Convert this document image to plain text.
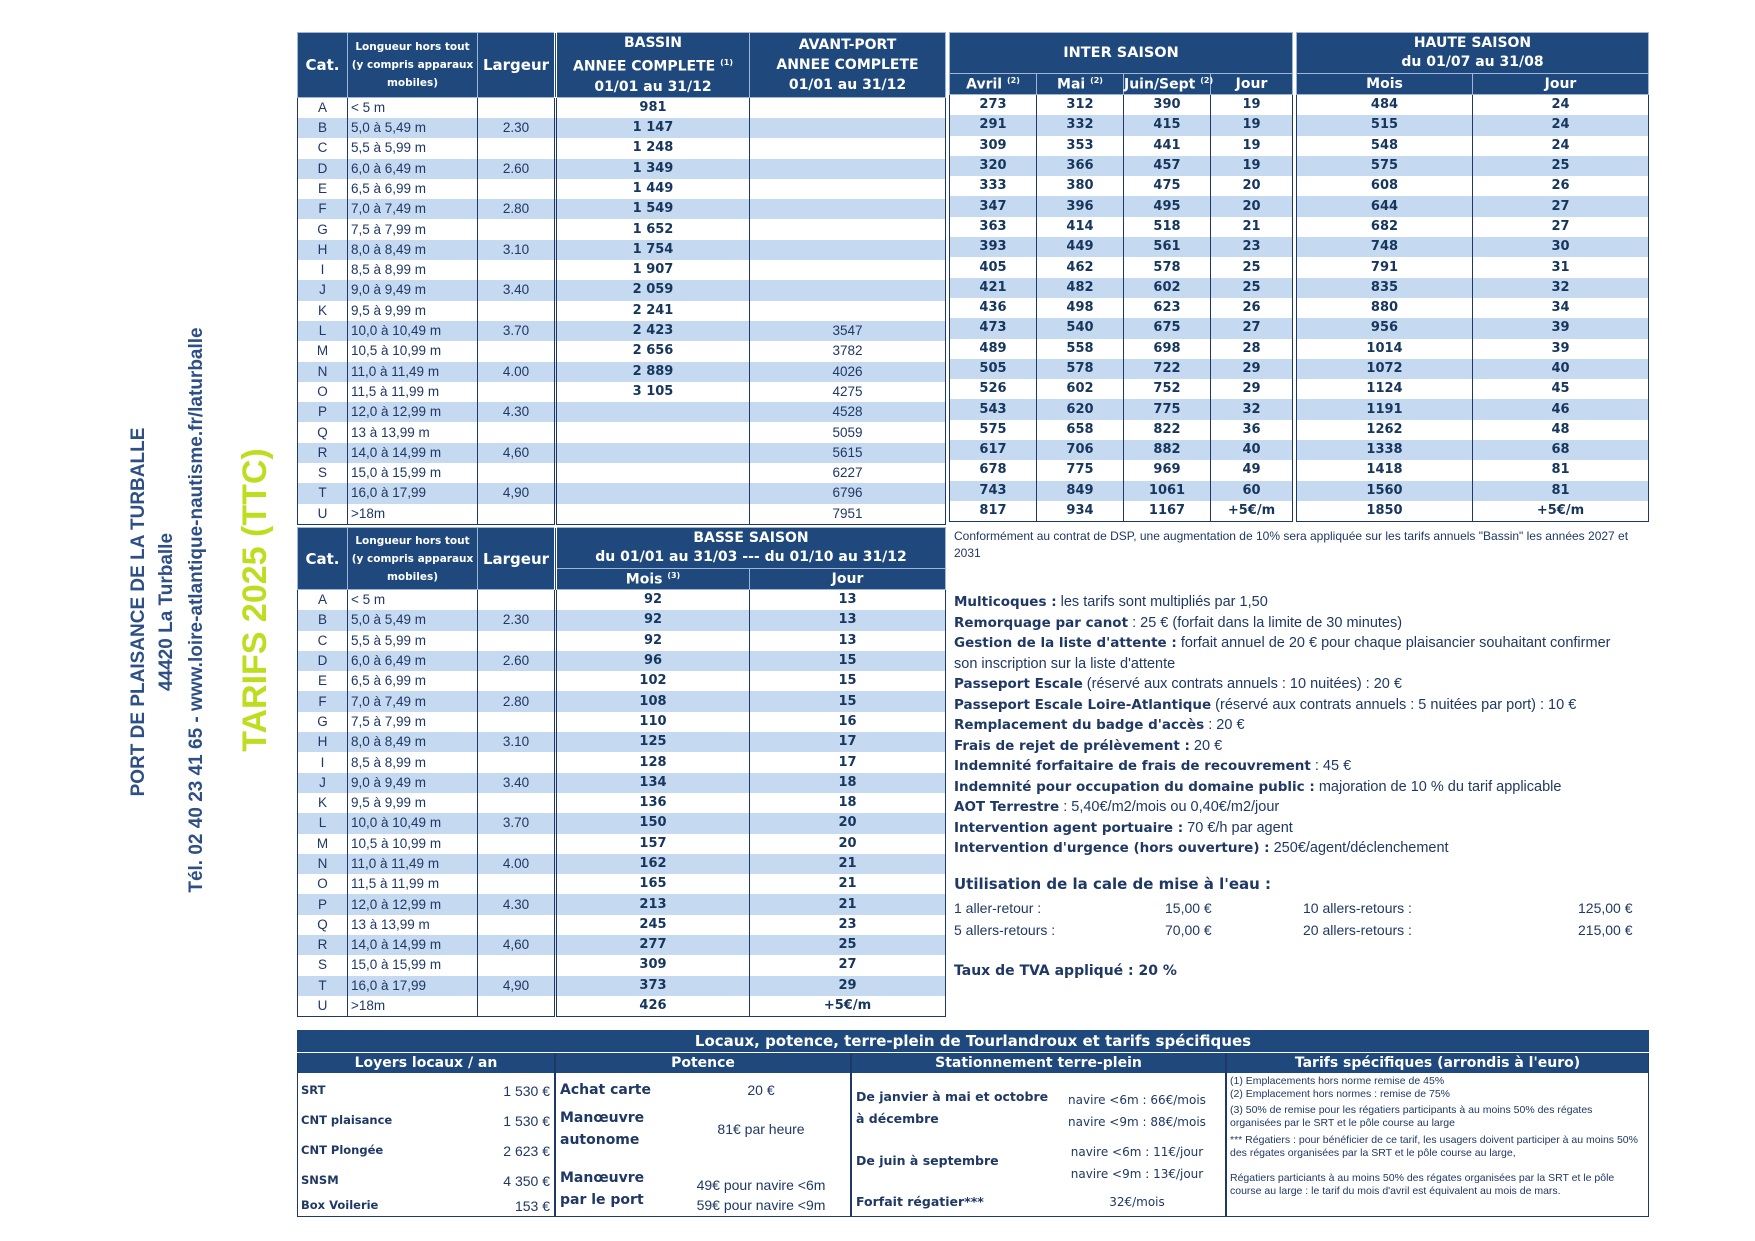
PORT DE PLAISANCE DE LA TURBALLE 44420 La Turballe Tél. 02 40 23 41 65 - www.loire-atlantique-nautisme.fr/laturballe TARIFS 2025 (TTC)
Cat.	Longueur hors tout
(y compris apparaux
mobiles)	Largeur	BASSIN
ANNEE COMPLETE $^{(1)}$
01/01 au 31/12	AVANT-PORT
ANNEE COMPLETE
01/01 au 31/12

A	< 5 m		981	
B	5,0 à 5,49 m	2.30	1 147	
C	5,5 à 5,99 m		1 248	
D	6,0 à 6,49 m	2.60	1 349	
E	6,5 à 6,99 m		1 449	
F	7,0 à 7,49 m	2.80	1 549	
G	7,5 à 7,99 m		1 652	
H	8,0 à 8,49 m	3.10	1 754	
I	8,5 à 8,99 m		1 907	
J	9,0 à 9,49 m	3.40	2 059	
K	9,5 à 9,99 m		2 241	
L	10,0 à 10,49 m	3.70	2 423	3547
M	10,5 à 10,99 m		2 656	3782
N	11,0 à 11,49 m	4.00	2 889	4026
O	11,5 à 11,99 m		3 105	4275
P	12,0 à 12,99 m	4.30		4528
Q	13 à 13,99 m			5059
R	14,0 à 14,99 m	4,60		5615
S	15,0 à 15,99 m			6227
T	16,0 à 17,99	4,90		6796
U	>18m			7951
INTER SAISON			
Avril $^{(2)}$	Mai $^{(2)}$	Juin/Sept $^{(2)}$	Jour
273	312	390	19
291	332	415	19
309	353	441	19
320	366	457	19
333	380	475	20
347	396	495	20
363	414	518	21
393	449	561	23
405	462	578	25
421	482	602	25
436	498	623	26
473	540	675	27
489	558	698	28
505	578	722	29
526	602	752	29
543	620	775	32
575	658	822	36
617	706	882	40
678	775	969	49
743	849	1061	60
817	934	1167	+5€/m
HAUTE SAISON
du 01/07 au 31/08	
Mois	Jour
484	24
515	24
548	24
575	25
608	26
644	27
682	27
748	30
791	31
835	32
880	34
956	39
1014	39
1072	40
1124	45
1191	46
1262	48
1338	68
1418	81
1560	81
1850	+5€/m
Cat.	Longueur hors tout
(y compris apparaux
mobiles)	Largeur	BASSE SAISON
du 01/01 au 31/03 --- du 01/10 au 31/12	
			Mois $^{(3)}$	Jour
A	< 5 m		92	13
B	5,0 à 5,49 m	2.30	92	13
C	5,5 à 5,99 m		92	13
D	6,0 à 6,49 m	2.60	96	15
E	6,5 à 6,99 m		102	15
F	7,0 à 7,49 m	2.80	108	15
G	7,5 à 7,99 m		110	16
H	8,0 à 8,49 m	3.10	125	17
I	8,5 à 8,99 m		128	17
J	9,0 à 9,49 m	3.40	134	18
K	9,5 à 9,99 m		136	18
L	10,0 à 10,49 m	3.70	150	20
M	10,5 à 10,99 m		157	20
N	11,0 à 11,49 m	4.00	162	21
O	11,5 à 11,99 m		165	21
P	12,0 à 12,99 m	4.30	213	21
Q	13 à 13,99 m		245	23
R	14,0 à 14,99 m	4,60	277	25
S	15,0 à 15,99 m		309	27
T	16,0 à 17,99	4,90	373	29
U	>18m		426	+5€/m
Conformément au contrat de DSP, une augmentation de 10% sera appliquée sur les tarifs annuels "Bassin" les années 2027 et 2031
Multicoques : les tarifs sont multipliés par 1,50
Remorquage par canot : 25 € (forfait dans la limite de 30 minutes)
Gestion de la liste d'attente : forfait annuel de 20 € pour chaque plaisancier souhaitant confirmer
son inscription sur la liste d'attente
Passeport Escale (réservé aux contrats annuels : 10 nuitées) : 20 €
Passeport Escale Loire-Atlantique (réservé aux contrats annuels : 5 nuitées par port) : 10 €
Remplacement du badge d'accès : 20 €
Frais de rejet de prélèvement : 20 €
Indemnité forfaitaire de frais de recouvrement : 45 €
Indemnité pour occupation du domaine public : majoration de 10 % du tarif applicable
AOT Terrestre : 5,40€/m2/mois ou 0,40€/m2/jour
Intervention agent portuaire : 70 €/h par agent
Intervention d'urgence (hors ouverture) : 250€/agent/déclenchement
Utilisation de la cale de mise à l'eau :
1 aller-retour :	15,00 €
5 allers-retours :	70,00 €
10 allers-retours :	125,00 €
20 allers-retours :	215,00 €
Taux de TVA appliqué : 20 %
Locaux, potence, terre-plein de Tourlandroux et tarifs spécifiques
Loyers locaux / an
SRT	1 530 €
CNT plaisance	1 530 €
CNT Plongée	2 623 €
SNSM	4 350 €
Box Voilerie	153 €
Potence
Achat carte	20 €
Manœuvre
autonome
81€ par heure
Manœuvre
par le port
49€ pour navire <6m
59€ pour navire <9m
Stationnement terre-plein
De janvier à mai et octobre
à décembre
navire <6m : 66€/mois
navire <9m : 88€/mois
De juin à septembre
navire <6m : 11€/jour
navire <9m : 13€/jour
Forfait régatier***	32€/mois
Tarifs spécifiques (arrondis à l'euro)
(1) Emplacements hors norme remise de 45%
(2) Emplacement hors normes : remise de 75%
(3) 50% de remise pour les régatiers participants à au moins 50% des régates organisées par le SRT et le pôle course au large
*** Régatiers : pour bénéficier de ce tarif, les usagers doivent participer à au moins 50% des régates organisées par la SRT et le pôle course au large,
Régatiers particiants à au moins 50% des régates organisées par la SRT et le pôle course au large : le tarif du mois d'avril est équivalent au mois de mars.
